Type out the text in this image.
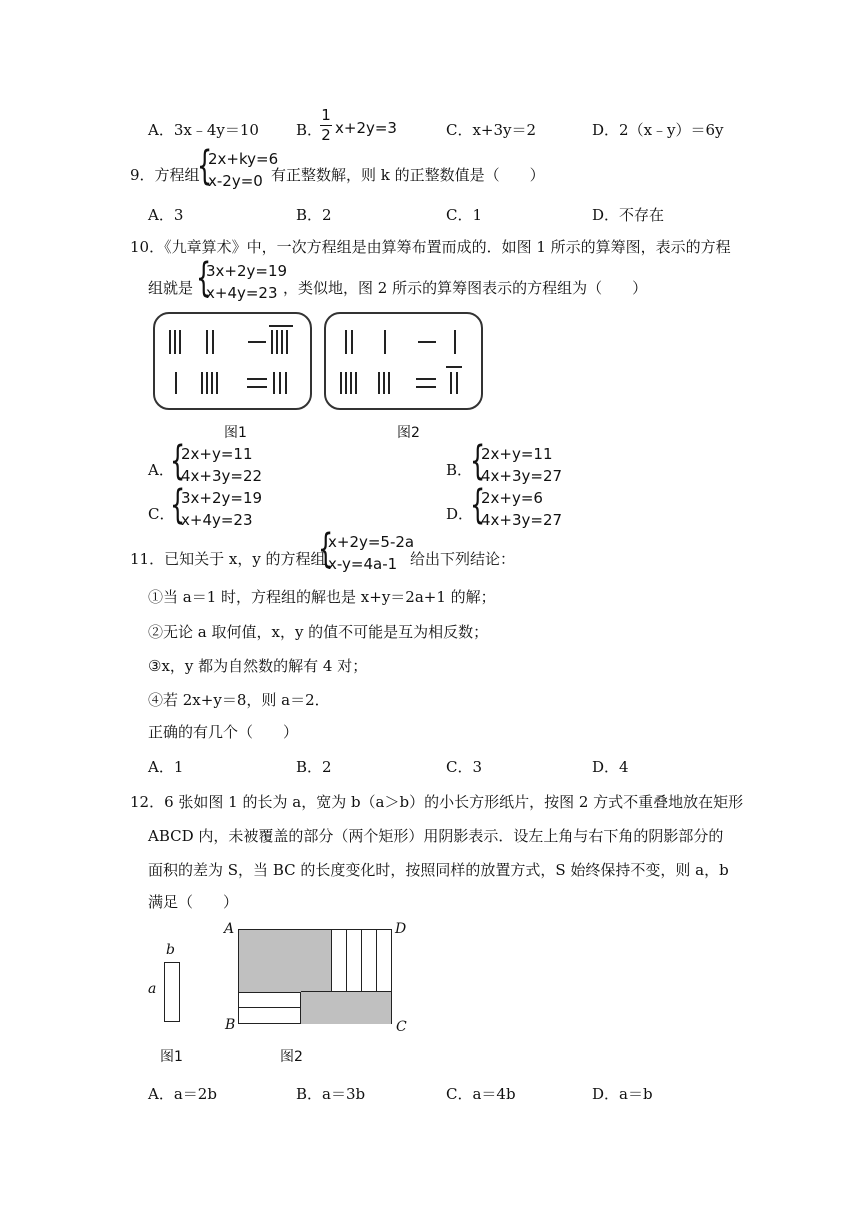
A．3x﹣4y＝10 B．
$\frac{1}{2} x+2y=3$	C．x+3y＝2	D．2（x﹣y）＝6y
9．方程组
{
2x+ky=6
x-2y=0 有正整数解，则 k 的正整数值是（　　）
A．3	B．2	C．1	D．不存在
10．《九章算术》中，一次方程组是由算筹布置而成的．如图 1 所示的算筹图，表示的方程
组就是 {
3x+2y=19
x+4y=23 ，类似地，图 2 所示的算筹图表示的方程组为（　　）
图1	图2
A．
{
2x+y=11
4x+3y=22	B．
{
2x+y=11
4x+3y=27
C．
{
3x+2y=19
x+4y=23	D．
{
2x+y=6
4x+3y=27
11．已知关于 x，y 的方程组
{
x+2y=5-2a
x-y=4a-1 给出下列结论：
①当 a＝1 时，方程组的解也是 x+y＝2a+1 的解；
②无论 a 取何值，x，y 的值不可能是互为相反数；
③x，y 都为自然数的解有 4 对；
④若 2x+y＝8，则 a＝2．
正确的有几个（　　）
A．1	B．2	C．3	D．4
12．6 张如图 1 的长为 a，宽为 b（a＞b）的小长方形纸片，按图 2 方式不重叠地放在矩形
ABCD 内，未被覆盖的部分（两个矩形）用阴影表示．设左上角与右下角的阴影部分的
面积的差为 S，当 BC 的长度变化时，按照同样的放置方式，S 始终保持不变，则 a，b
满足（　　）
b
a
图1
A	D
B	C
图2
A．a＝2b	B．a＝3b	C．a＝4b	D．a＝b
